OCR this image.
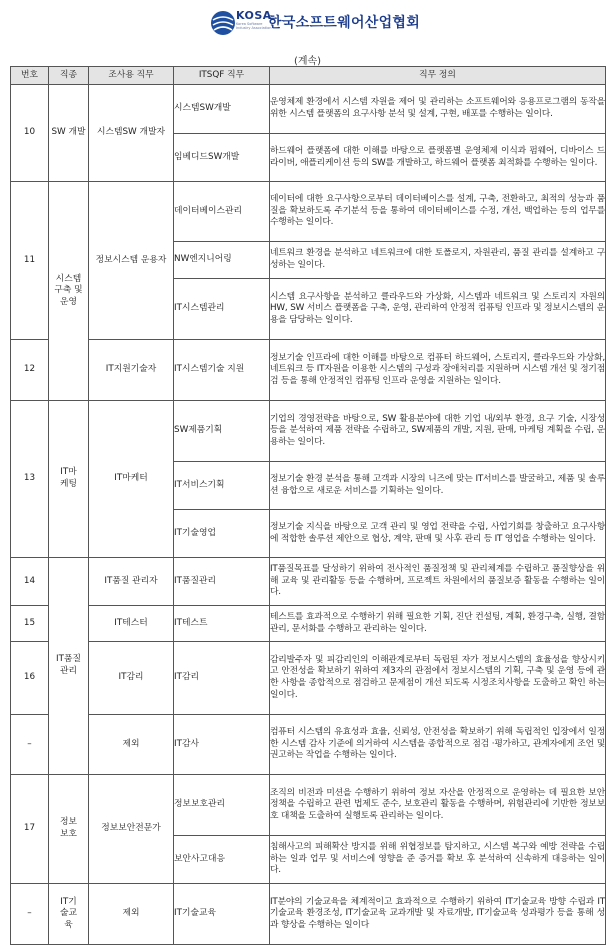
KOSA
Korea Software Industry Association
한국소프트웨어산업협회
(계속)
번호	직종	조사용 직무	ITSQF 직무	직무 정의
10	SW 개발	시스템SW 개발자	시스템SW개발	운영체제 환경에서 시스템 자원을 제어 및 관리하는 소프트웨어와 응용프로그램의 동작을 위한 시스템 플랫폼의 요구사항 분석 및 설계, 구현, 배포를 수행하는 일이다.
			임베디드SW개발	하드웨어 플랫폼에 대한 이해를 바탕으로 플랫폼별 운영체제 이식과 펌웨어, 디바이스 드라이버, 애플리케이션 등의 SW를 개발하고, 하드웨어 플랫폼 최적화를 수행하는 일이다.
11	시스템 구축 및 운영	정보시스템 운용자	데이터베이스관리	데이터에 대한 요구사항으로부터 데이터베이스를 설계, 구축, 전환하고, 최적의 성능과 품질을 확보하도록 주기분석 등을 통하여 데이터베이스를 수정, 개선, 백업하는 등의 업무를 수행하는 일이다.
			NW엔지니어링	네트워크 환경을 분석하고 네트워크에 대한 토폴로지, 자원관리, 품질 관리를 설계하고 구성하는 일이다.
			IT시스템관리	시스템 요구사항을 분석하고 클라우드와 가상화, 시스템과 네트워크 및 스토리지 자원의 HW, SW 서비스 플랫폼을 구축, 운영, 관리하여 안정적 컴퓨팅 인프라 및 정보시스템의 운용을 담당하는 일이다.
12		IT지원기술자	IT시스템기술 지원	정보기술 인프라에 대한 이해를 바탕으로 컴퓨터 하드웨어, 스토리지, 클라우드와 가상화, 네트워크 등 IT자원을 이용한 시스템의 구성과 장애처리를 지원하며 시스템 개선 및 정기점검 등을 통해 안정적인 컴퓨팅 인프라 운영을 지원하는 일이다.
13	IT마 케팅	IT마케터	SW제품기획	기업의 경영전략을 바탕으로, SW 활용분야에 대한 기업 내/외부 환경, 요구 기술, 시장성 등을 분석하여 제품 전략을 수립하고, SW제품의 개발, 지원, 판매, 마케팅 계획을 수립, 운용하는 일이다.
			IT서비스기획	정보기술 환경 분석을 통해 고객과 시장의 니즈에 맞는 IT서비스를 발굴하고, 제품 및 솔루션 융합으로 새로운 서비스를 기획하는 일이다.
			IT기술영업	정보기술 지식을 바탕으로 고객 관리 및 영업 전략을 수립, 사업기회를 창출하고 요구사항에 적합한 솔루션 제안으로 협상, 계약, 판매 및 사후 관리 등 IT 영업을 수행하는 일이다.
14	IT품질관리	IT품질 관리자	IT품질관리	IT품질목표를 달성하기 위하여 전사적인 품질정책 및 관리체계를 수립하고 품질향상을 위해 교육 및 관리활동 등을 수행하며, 프로젝트 차원에서의 품질보증 활동을 수행하는 일이다.
15		IT테스터	IT테스트	테스트를 효과적으로 수행하기 위해 필요한 기획, 진단 컨설팅, 계획, 환경구축, 실행, 결함관리, 문서화를 수행하고 관리하는 일이다.
16		IT감리	IT감리	감리발주자 및 피감리인의 이해관계로부터 독립된 자가 정보시스템의 효율성을 향상시키고 안전성을 확보하기 위하여 제3자의 관점에서 정보시스템의 기획, 구축 및 운영 등에 관한 사항을 종합적으로 점검하고 문제점이 개선 되도록 시정조치사항을 도출하고 확인 하는 일이다.
–		제외	IT감사	컴퓨터 시스템의 유효성과 효율, 신뢰성, 안전성을 확보하기 위해 독립적인 입장에서 일정한 시스템 감사 기준에 의거하여 시스템을 종합적으로 점검 ·평가하고, 관계자에게 조언 및 권고하는 작업을 수행하는 일이다.
17	정보 보호	정보보안전문가	정보보호관리	조직의 비전과 미션을 수행하기 위하여 정보 자산을 안정적으로 운영하는 데 필요한 보안정책을 수립하고 관련 법제도 준수, 보호관리 활동을 수행하며, 위험관리에 기반한 정보보호 대책을 도출하여 실행토록 관리하는 일이다.
			보안사고대응	침해사고의 피해확산 방지를 위해 위협정보를 탐지하고, 시스템 복구와 예방 전략을 수립하는 일과 업무 및 서비스에 영향을 준 증거를 확보 후 분석하여 신속하게 대응하는 일이다.
–	IT기 술교 육	제외	IT기술교육	IT분야의 기술교육을 체계적이고 효과적으로 수행하기 위하여 IT기술교육 방향 수립과 IT기술교육 환경조성, IT기술교육 교과개발 및 자료개발, IT기술교육 성과평가 등을 통해 성과 향상을 수행하는 일이다
